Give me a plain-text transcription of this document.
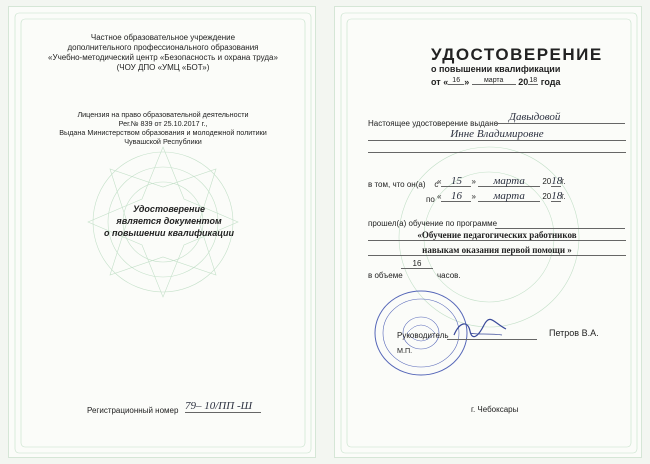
Частное образовательное учреждение
дополнительного профессионального образования
«Учебно-методический центр «Безопасность и охрана труда»
(ЧОУ ДПО «УМЦ «БОТ»)
Лицензия на право образовательной деятельности
Рег.№ 839 от 25.10.2017 г.,
Выдана Министерством образования и молодежной политики
Чувашской Республики
Удостоверение
является документом
о повышении квалификации
Регистрационный номер 79– 10/ПП -Ш
УДОСТОВЕРЕНИЕ
о повышении квалификации
от « 16 » марта 2018 года
Настоящее удостоверение выдано
Давыдовой
Инне Владимировне
в том, что он(а)    с
« 15 » марта 2018г.
по « 16 » марта 2018г.
прошел(а) обучение по программе
«Обучение педагогических работников
навыкам оказания первой помощи »
в объеме
16
часов.
Руководитель	Петров В.А.
М.П.
г. Чебоксары
